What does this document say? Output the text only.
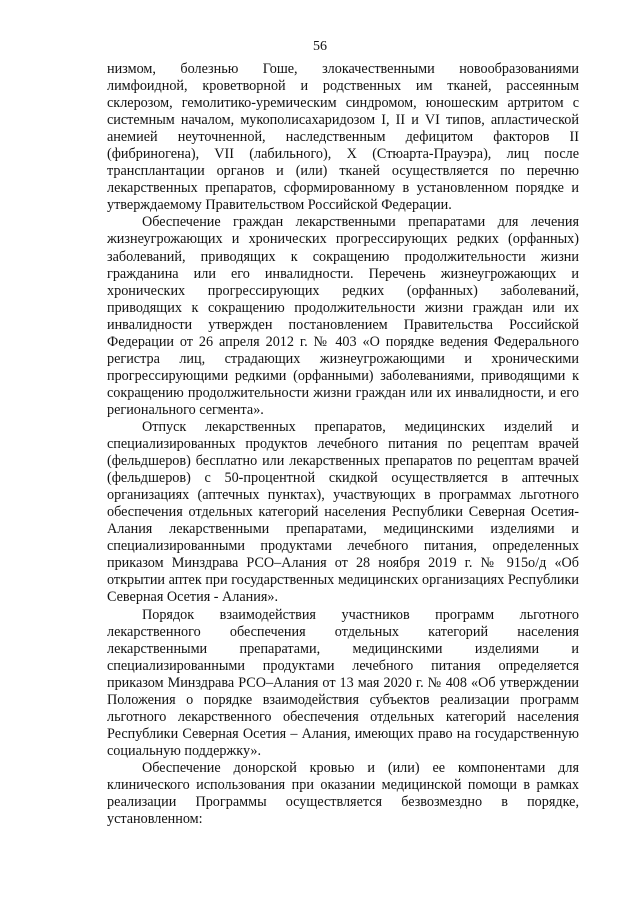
56

низмом, болезнью Гоше, злокачественными новообразованиями лимфоидной, кроветворной и родственных им тканей, рассеянным склерозом, гемолитико-уремическим синдромом, юношеским артритом с системным началом, мукополисахаридозом I, II и VI типов, апластической анемией неуточненной, наследственным дефицитом факторов II (фибриногена), VII (лабильного), X (Стюарта-Прауэра), лиц после трансплантации органов и (или) тканей осуществляется по перечню лекарственных препаратов, сформированному в установленном порядке и утверждаемому Правительством Российской Федерации.

Обеспечение граждан лекарственными препаратами для лечения жизнеугрожающих и хронических прогрессирующих редких (орфанных) заболеваний, приводящих к сокращению продолжительности жизни гражданина или его инвалидности. Перечень жизнеугрожающих и хронических прогрессирующих редких (орфанных) заболеваний, приводящих к сокращению продолжительности жизни граждан или их инвалидности утвержден постановлением Правительства Российской Федерации от 26 апреля 2012 г. № 403 «О порядке ведения Федерального регистра лиц, страдающих жизнеугрожающими и хроническими прогрессирующими редкими (орфанными) заболеваниями, приводящими к сокращению продолжительности жизни граждан или их инвалидности, и его регионального сегмента».

Отпуск лекарственных препаратов, медицинских изделий и специализированных продуктов лечебного питания по рецептам врачей (фельдшеров) бесплатно или лекарственных препаратов по рецептам врачей (фельдшеров) с 50-процентной скидкой осуществляется в аптечных организациях (аптечных пунктах), участвующих в программах льготного обеспечения отдельных категорий населения Республики Северная Осетия-Алания лекарственными препаратами, медицинскими изделиями и специализированными продуктами лечебного питания, определенных приказом Минздрава РСО–Алания от 28 ноября 2019 г. № 915о/д «Об открытии аптек при государственных медицинских организациях Республики Северная Осетия - Алания».

Порядок взаимодействия участников программ льготного лекарственного обеспечения отдельных категорий населения лекарственными препаратами, медицинскими изделиями и специализированными продуктами лечебного питания определяется приказом Минздрава РСО–Алания от 13 мая 2020 г. № 408 «Об утверждении Положения о порядке взаимодействия субъектов реализации программ льготного лекарственного обеспечения отдельных категорий населения Республики Северная Осетия – Алания, имеющих право на государственную социальную поддержку».

Обеспечение донорской кровью и (или) ее компонентами для клинического использования при оказании медицинской помощи в рамках реализации Программы осуществляется безвозмездно в порядке, установленном:
